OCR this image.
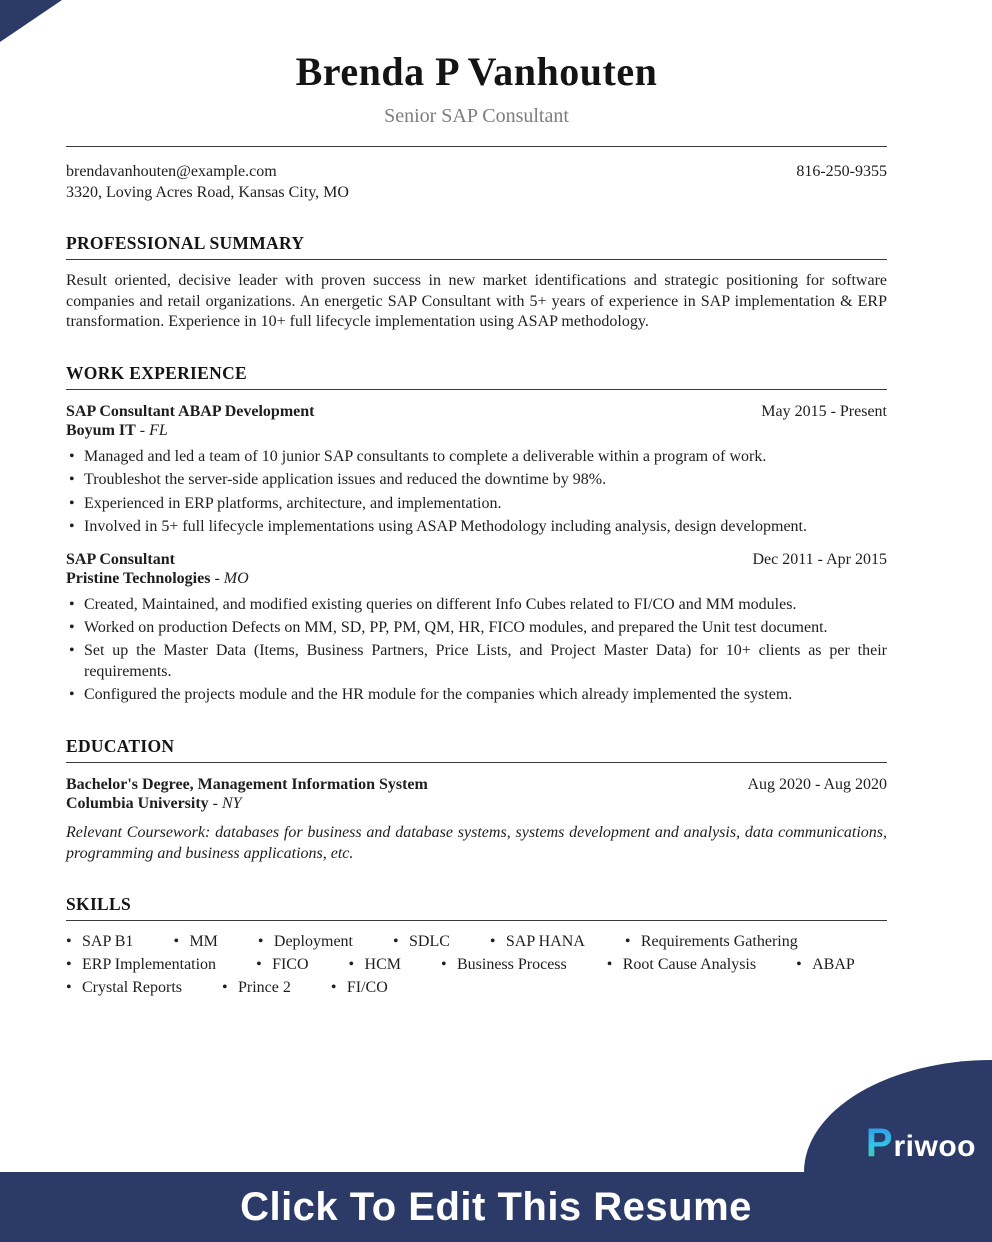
Brenda P Vanhouten
Senior SAP Consultant
brendavanhouten@example.com
3320, Loving Acres Road, Kansas City, MO
816-250-9355
PROFESSIONAL SUMMARY

Result oriented, decisive leader with proven success in new market identifications and strategic positioning for software companies and retail organizations. An energetic SAP Consultant with 5+ years of experience in SAP implementation & ERP transformation. Experience in 10+ full lifecycle implementation using ASAP methodology.

WORK EXPERIENCE
SAP Consultant ABAP Development	May 2015 - Present
Boyum IT - FL
• Managed and led a team of 10 junior SAP consultants to complete a deliverable within a program of work.
• Troubleshot the server-side application issues and reduced the downtime by 98%.
• Experienced in ERP platforms, architecture, and implementation.
• Involved in 5+ full lifecycle implementations using ASAP Methodology including analysis, design development.
SAP Consultant	Dec 2011 - Apr 2015
Pristine Technologies - MO
• Created, Maintained, and modified existing queries on different Info Cubes related to FI/CO and MM modules.
• Worked on production Defects on MM, SD, PP, PM, QM, HR, FICO modules, and prepared the Unit test document.
• Set up the Master Data (Items, Business Partners, Price Lists, and Project Master Data) for 10+ clients as per their requirements.
• Configured the projects module and the HR module for the companies which already implemented the system.
EDUCATION
Bachelor's Degree, Management Information System	Aug 2020 - Aug 2020
Columbia University - NY
Relevant Coursework: databases for business and database systems, systems development and analysis, data communications, programming and business applications, etc.
SKILLS
• SAP B1	• MM	• Deployment	• SDLC	• SAP HANA	• Requirements Gathering
• ERP Implementation	• FICO	• HCM	• Business Process	• Root Cause Analysis	• ABAP
• Crystal Reports	• Prince 2	• FI/CO
P riwoo
Click To Edit This Resume
